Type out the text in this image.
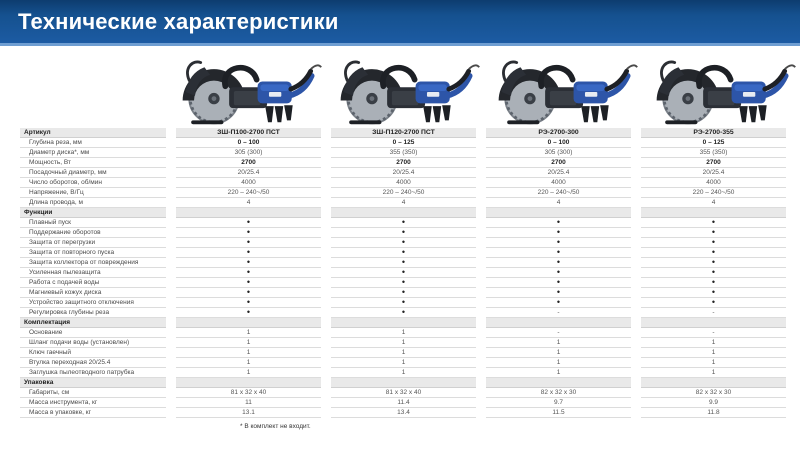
Технические характеристики
Артикул	ЗШ-П100-2700 ПСТ	ЗШ-П120-2700 ПСТ	РЭ-2700-300	РЭ-2700-355
Глубина реза, мм	0 – 100	0 – 125	0 – 100	0 – 125
Диаметр диска*, мм	305 (300)	355 (350)	305 (300)	355 (350)
Мощность, Вт	2700	2700	2700	2700
Посадочный диаметр, мм	20/25.4	20/25.4	20/25.4	20/25.4
Число оборотов, об/мин	4000	4000	4000	4000
Напряжение, В/Гц	220 – 240~/50	220 – 240~/50	220 – 240~/50	220 – 240~/50
Длина провода, м	4	4	4	4
Функции
Плавный пуск	•	•	•	•
Поддержание оборотов	•	•	•	•
Защита от перегрузки	•	•	•	•
Защита от повторного пуска	•	•	•	•
Защита коллектора от повреждения	•	•	•	•
Усиленная пылезащита	•	•	•	•
Работа с подачей воды	•	•	•	•
Магниевый кожух диска	•	•	•	•
Устройство защитного отключения	•	•	•	•
Регулировка глубины реза	•	•	-	-
Комплектация
Основание	1	1	-	-
Шланг подачи воды (установлен)	1	1	1	1
Ключ гаечный	1	1	1	1
Втулка переходная 20/25.4	1	1	1	1
Заглушка пылеотводного патрубка	1	1	1	1
Упаковка
Габариты, см	81 x 32 x 40	81 x 32 x 40	82 x 32 x 30	82 x 32 x 30
Масса инструмента, кг	11	11.4	9.7	9.9
Масса в упаковке, кг	13.1	13.4	11.5	11.8
* В комплект не входит.
